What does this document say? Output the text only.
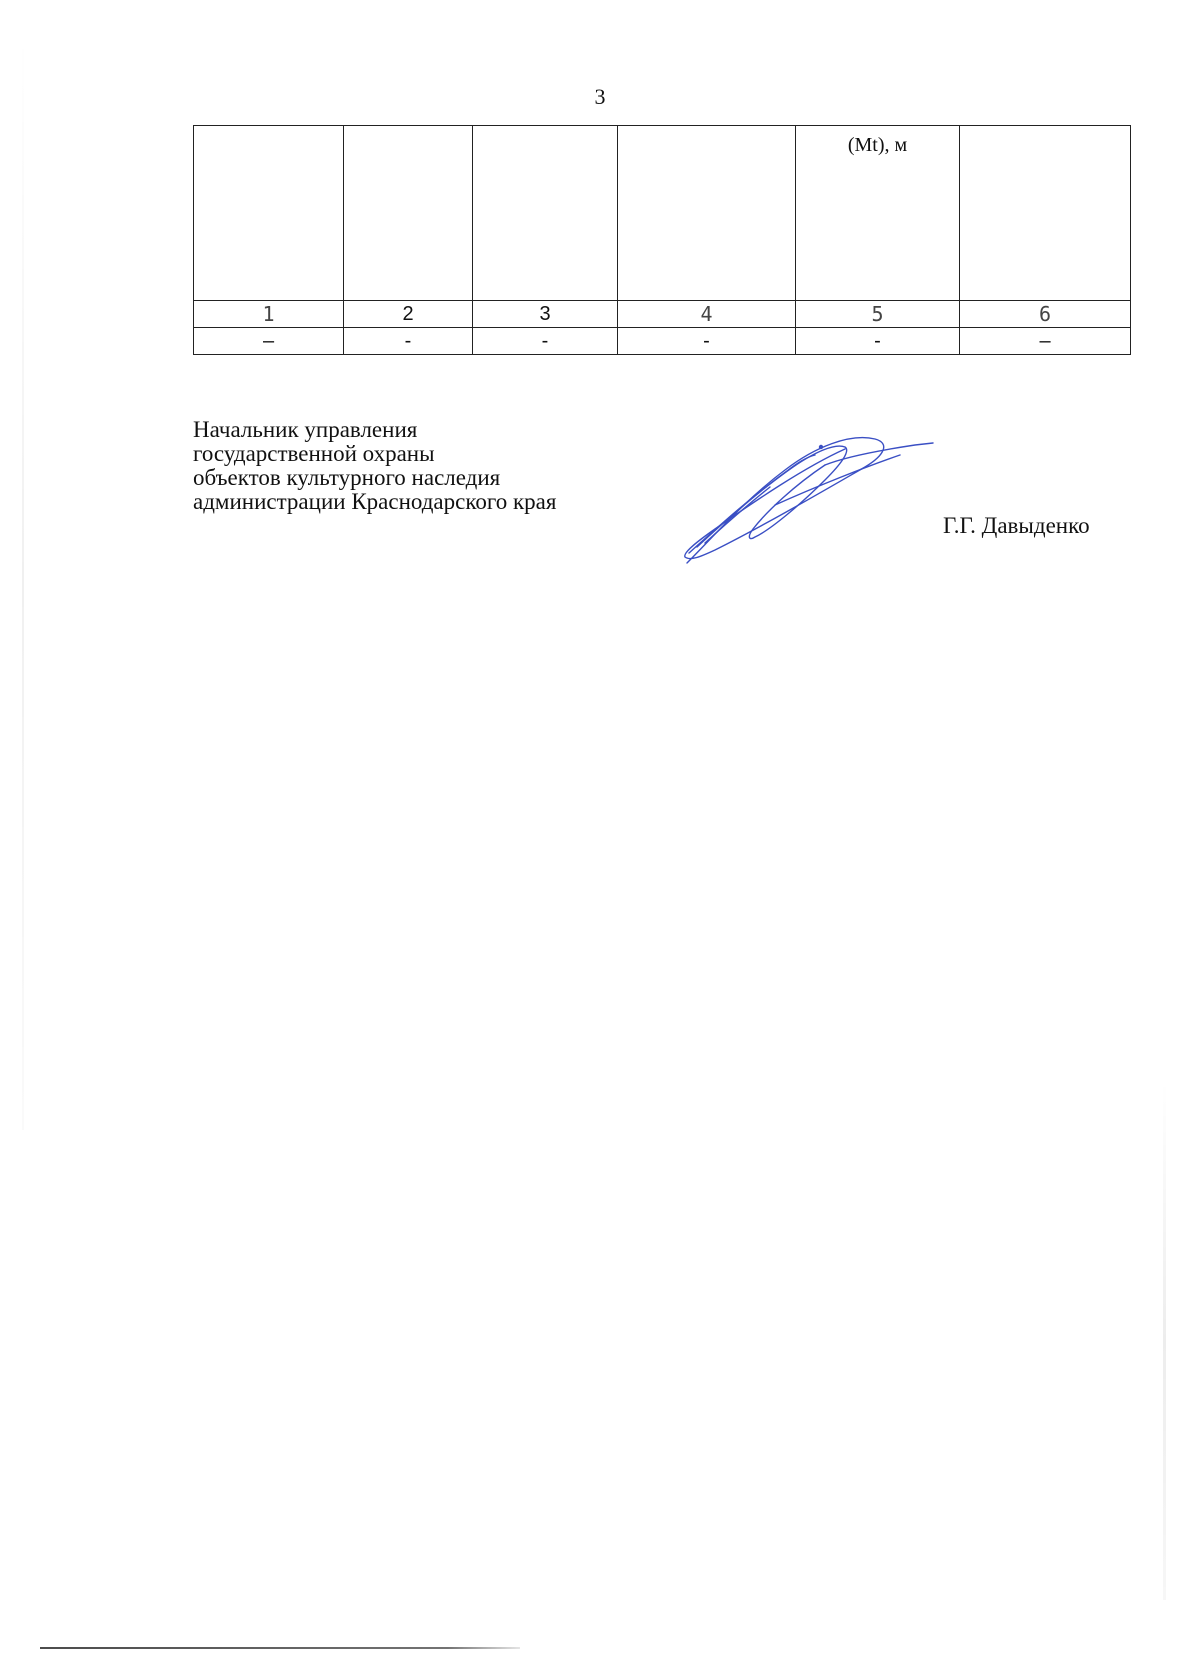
3

				(Mt), м	

1	2	3	4	5	6
–	-	-	-	-	–
Начальник управления
государственной охраны
объектов культурного наследия
администрации Краснодарского края
Г.Г. Давыденко
